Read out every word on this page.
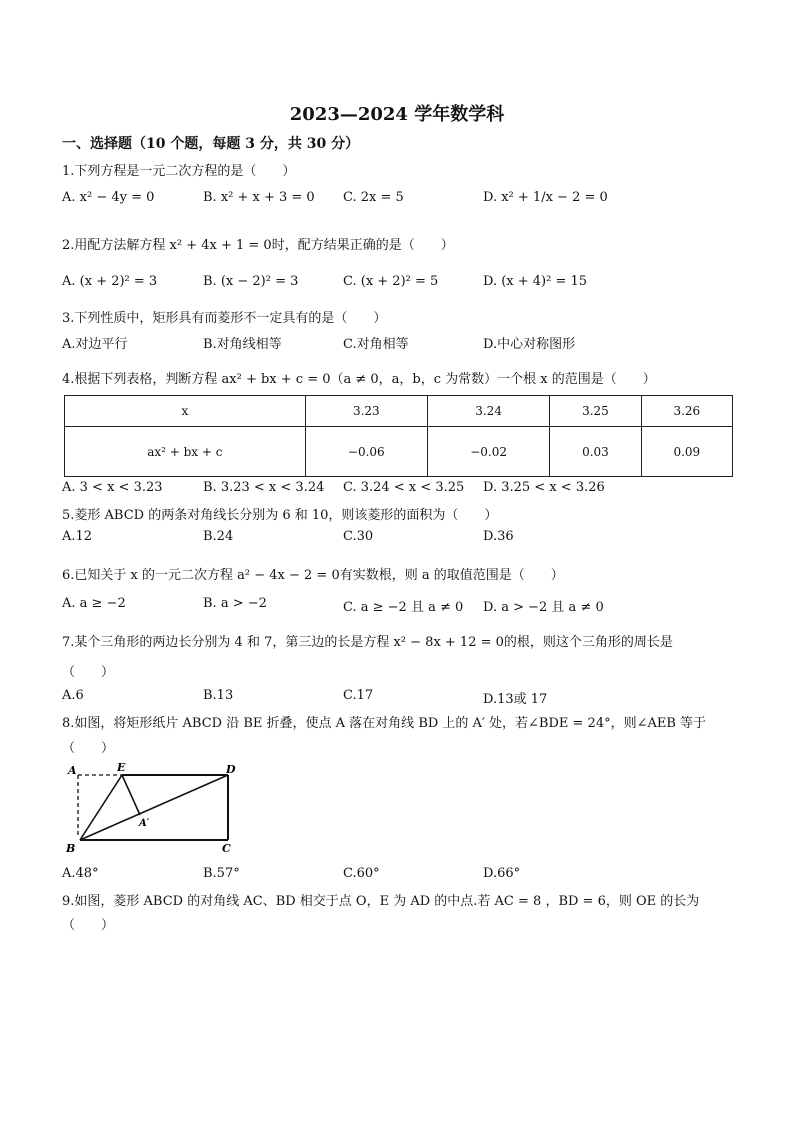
2023—2024 学年数学科
一、选择题（10 个题，每题 3 分，共 30 分）
1.下列方程是一元二次方程的是（　　）
A. x² − 4y = 0	B. x² + x + 3 = 0 C. 2x = 5	D. x² + 1/x − 2 = 0
2.用配方法解方程 x² + 4x + 1 = 0时，配方结果正确的是（　　）
A. (x + 2)² = 3	B. (x − 2)² = 3	C. (x + 2)² = 5	D. (x + 4)² = 15
3.下列性质中，矩形具有而菱形不一定具有的是（　　）
A.对边平行	B.对角线相等	C.对角相等	D.中心对称图形
4.根据下列表格，判断方程 ax² + bx + c = 0（a ≠ 0，a，b，c 为常数）一个根 x 的范围是（　　）
x	3.23	3.24	3.25	3.26
ax² + bx + c	−0.06	−0.02	0.03	0.09
A. 3 < x < 3.23	B. 3.23 < x < 3.24 C. 3.24 < x < 3.25 D. 3.25 < x < 3.26
5.菱形 ABCD 的两条对角线长分别为 6 和 10，则该菱形的面积为（　　）
A.12	B.24	C.30	D.36
6.已知关于 x 的一元二次方程 a² − 4x − 2 = 0有实数根，则 a 的取值范围是（　　）
A. a ≥ −2	B. a > −2	C. a ≥ −2 且 a ≠ 0 D. a > −2 且 a ≠ 0
7.某个三角形的两边长分别为 4 和 7，第三边的长是方程 x² − 8x + 12 = 0的根，则这个三角形的周长是
（　　）
A.6	B.13	C.17	D.13或 17
8.如图，将矩形纸片 ABCD 沿 BE 折叠，使点 A 落在对角线 BD 上的 A′ 处，若∠BDE = 24°，则∠AEB 等于
（　　）
A	E	D
A′
B	C
A.48°	B.57°	C.60°	D.66°
9.如图，菱形 ABCD 的对角线 AC、BD 相交于点 O，E 为 AD 的中点.若 AC = 8 ，BD = 6，则 OE 的长为
（　　）
